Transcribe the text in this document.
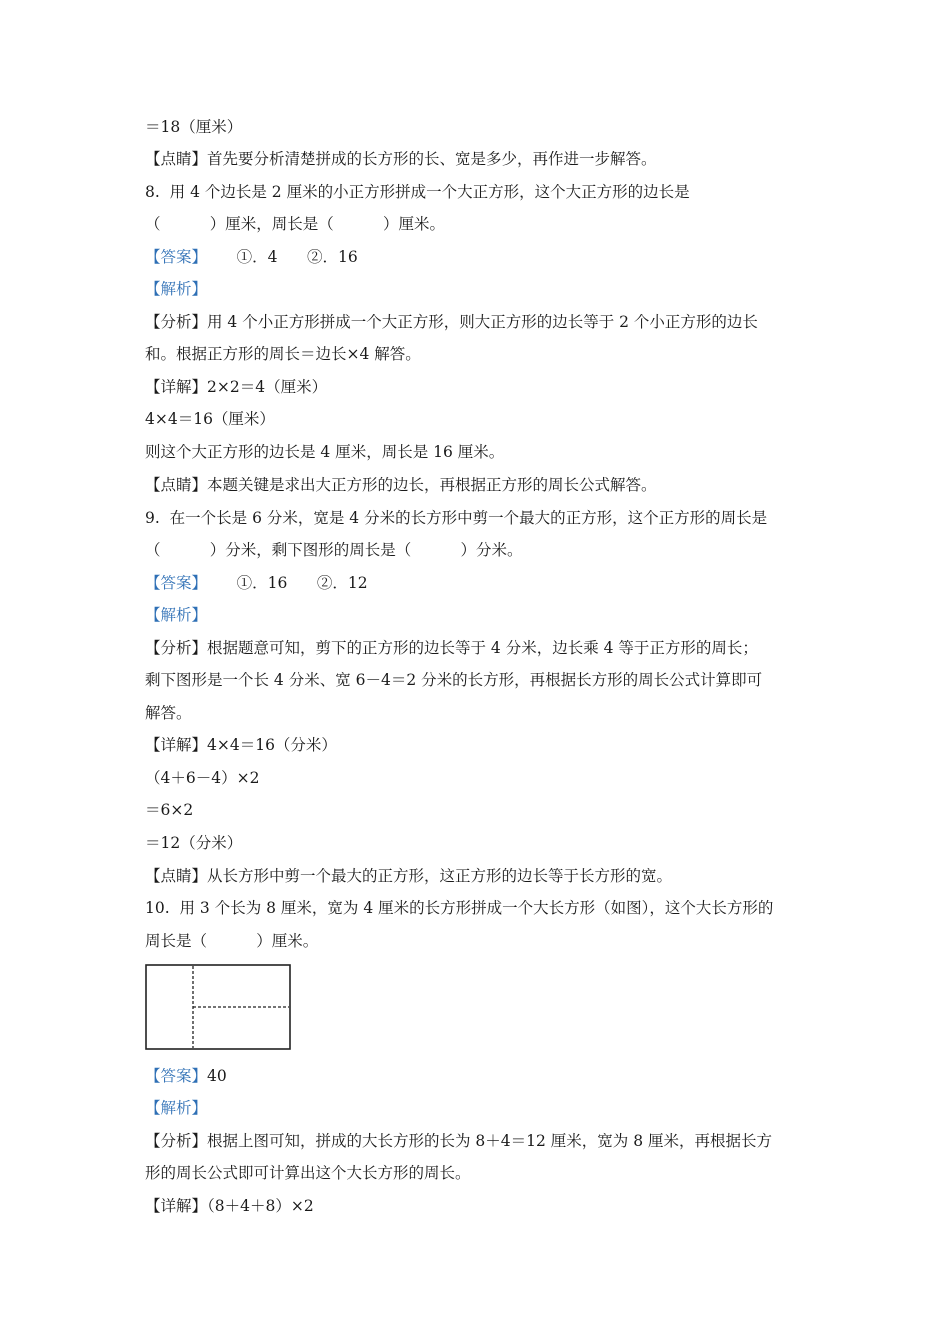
＝18（厘米）
【点睛】首先要分析清楚拼成的长方形的长、宽是多少，再作进一步解答。
8.  用 4 个边长是 2 厘米的小正方形拼成一个大正方形，这个大正方形的边长是
（          ）厘米，周长是（          ）厘米。
【答案】      ①．4      ②．16
【解析】
【分析】用 4 个小正方形拼成一个大正方形，则大正方形的边长等于 2 个小正方形的边长
和。根据正方形的周长＝边长×4 解答。
【详解】2×2＝4（厘米）
4×4＝16（厘米）
则这个大正方形的边长是 4 厘米，周长是 16 厘米。
【点睛】本题关键是求出大正方形的边长，再根据正方形的周长公式解答。
9.  在一个长是 6 分米，宽是 4 分米的长方形中剪一个最大的正方形，这个正方形的周长是
（          ）分米，剩下图形的周长是（          ）分米。
【答案】      ①．16      ②．12
【解析】
【分析】根据题意可知，剪下的正方形的边长等于 4 分米，边长乘 4 等于正方形的周长；
剩下图形是一个长 4 分米、宽 6－4＝2 分米的长方形，再根据长方形的周长公式计算即可
解答。
【详解】4×4＝16（分米）
（4＋6－4）×2
＝6×2
＝12（分米）
【点睛】从长方形中剪一个最大的正方形，这正方形的边长等于长方形的宽。
10.  用 3 个长为 8 厘米，宽为 4 厘米的长方形拼成一个大长方形（如图），这个大长方形的
周长是（          ）厘米。
【答案】40
【解析】
【分析】根据上图可知，拼成的大长方形的长为 8＋4＝12 厘米，宽为 8 厘米，再根据长方
形的周长公式即可计算出这个大长方形的周长。
【详解】（8＋4＋8）×2
